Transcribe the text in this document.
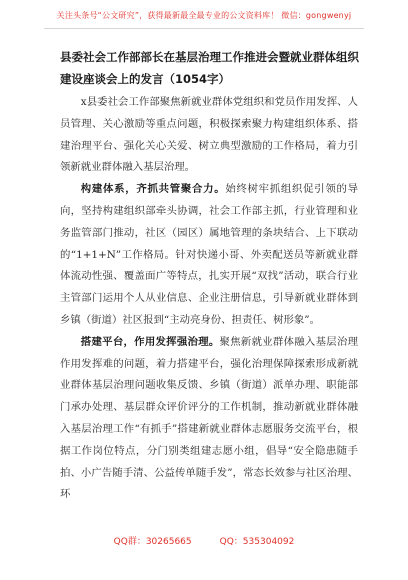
关注头条号“公文研究”，获得最新最全最专业的公文资料库！ 微信：gongwenyj
县委社会工作部部长在基层治理工作推进会暨就业群体组织建设座谈会上的发言（1054字）

x县委社会工作部聚焦新就业群体党组织和党员作用发挥、人员管理、关心激励等重点问题，积极探索聚力构建组织体系、搭建治理平台、强化关心关爱、树立典型激励的工作格局，着力引领新就业群体融入基层治理。

构建体系，齐抓共管聚合力。始终树牢抓组织促引领的导向，坚持构建组织部牵头协调，社会工作部主抓，行业管理和业务监管部门推动，社区（园区）属地管理的条块结合、上下联动的“1+1+N”工作格局。针对快递小哥、外卖配送员等新就业群体流动性强、覆盖面广等特点，扎实开展“双找”活动，联合行业主管部门运用个人从业信息、企业注册信息，引导新就业群体到乡镇（街道）社区报到“主动亮身份、担责任、树形象”。

搭建平台，作用发挥强治理。聚焦新就业群体融入基层治理作用发挥难的问题，着力搭建平台，强化治理保障探索形成新就业群体基层治理问题收集反馈、乡镇（街道）派单办理、职能部门承办处理、基层群众评价评分的工作机制，推动新就业群体融入基层治理工作“有抓手”搭建新就业群体志愿服务交流平台，根据工作岗位特点，分门别类组建志愿小组，倡导“安全隐患随手拍、小广告随手清、公益传单随手发”，常态长效参与社区治理、环

QQ群：30265665	QQ：535304092
